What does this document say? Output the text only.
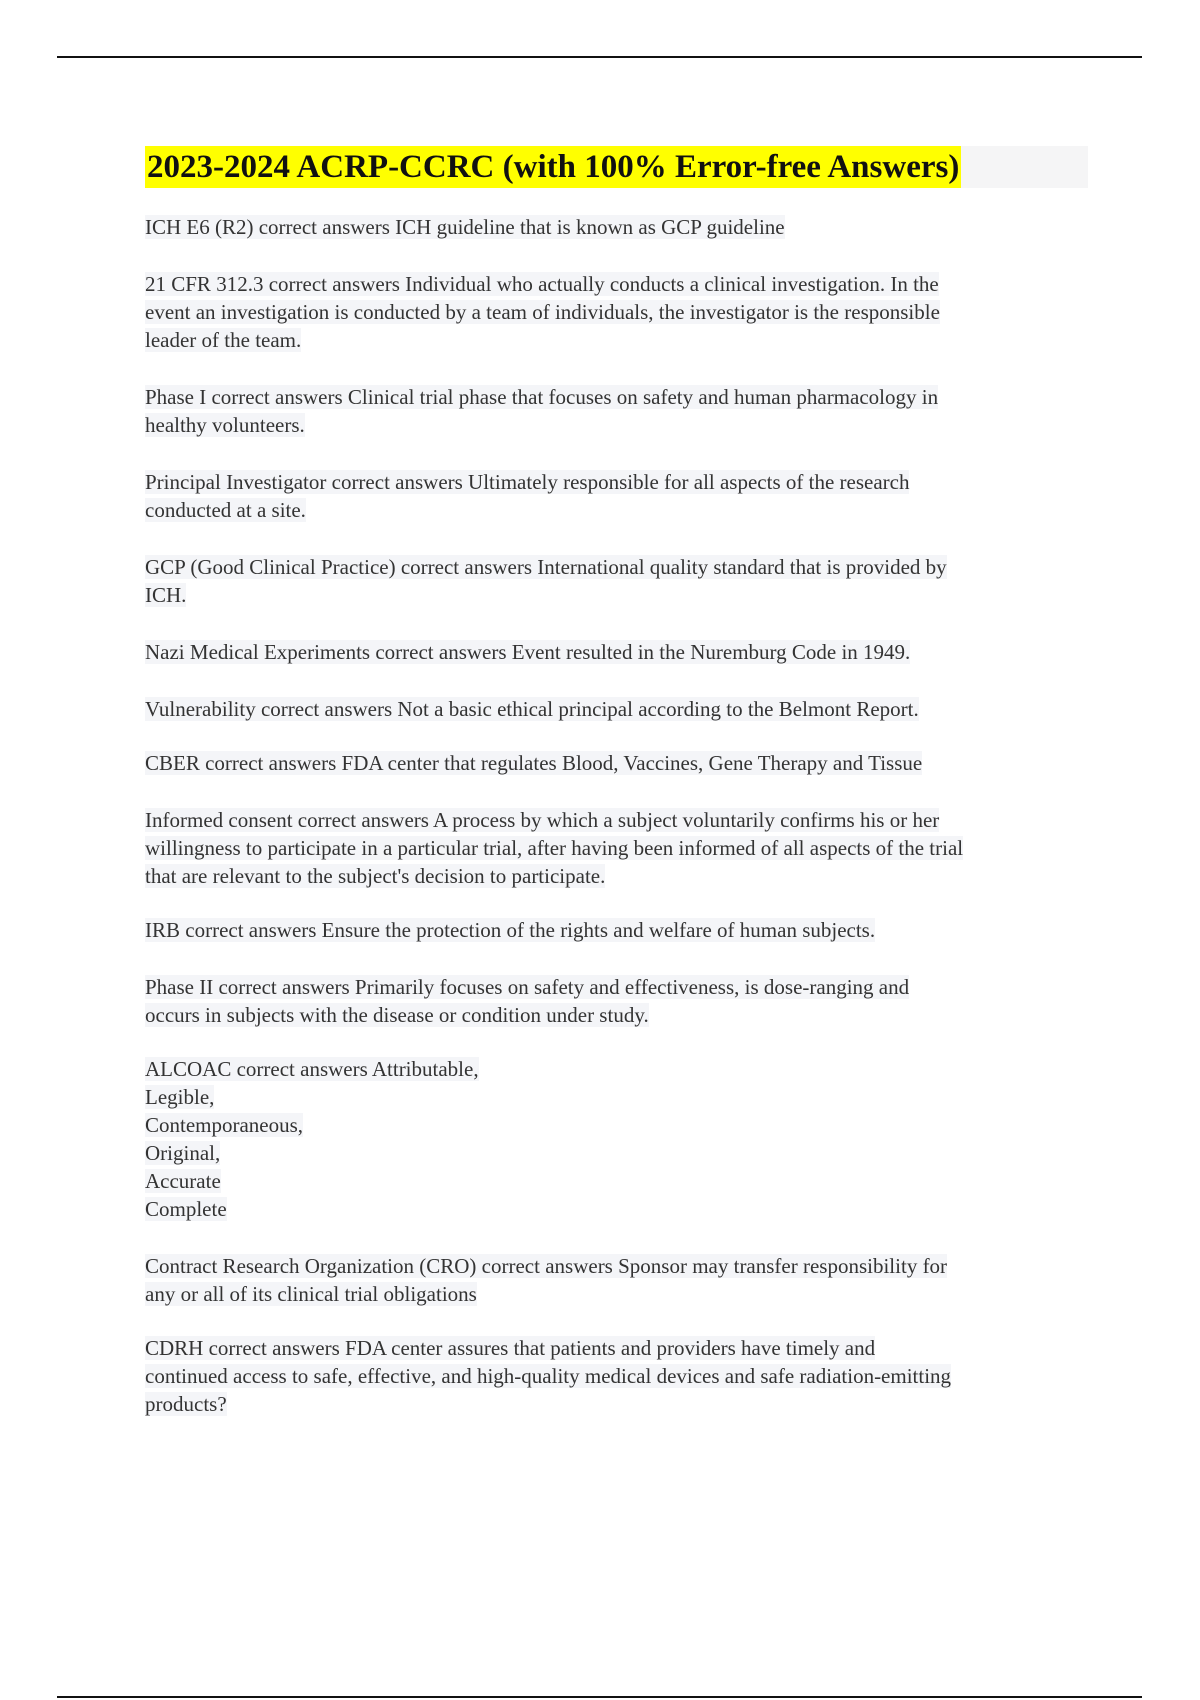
2023-2024 ACRP-CCRC (with 100% Error-free Answers)
ICH E6 (R2) correct answers ICH guideline that is known as GCP guideline
21 CFR 312.3 correct answers Individual who actually conducts a clinical investigation. In the
event an investigation is conducted by a team of individuals, the investigator is the responsible
leader of the team.
Phase I correct answers Clinical trial phase that focuses on safety and human pharmacology in
healthy volunteers.
Principal Investigator correct answers Ultimately responsible for all aspects of the research
conducted at a site.
GCP (Good Clinical Practice) correct answers International quality standard that is provided by
ICH.
Nazi Medical Experiments correct answers Event resulted in the Nuremburg Code in 1949.
Vulnerability correct answers Not a basic ethical principal according to the Belmont Report.
CBER correct answers FDA center that regulates Blood, Vaccines, Gene Therapy and Tissue
Informed consent correct answers A process by which a subject voluntarily confirms his or her
willingness to participate in a particular trial, after having been informed of all aspects of the trial
that are relevant to the subject's decision to participate.
IRB correct answers Ensure the protection of the rights and welfare of human subjects.
Phase II correct answers Primarily focuses on safety and effectiveness, is dose-ranging and
occurs in subjects with the disease or condition under study.
ALCOAC correct answers Attributable,
Legible,
Contemporaneous,
Original,
Accurate
Complete
Contract Research Organization (CRO) correct answers Sponsor may transfer responsibility for
any or all of its clinical trial obligations
CDRH correct answers FDA center assures that patients and providers have timely and
continued access to safe, effective, and high-quality medical devices and safe radiation-emitting
products?
